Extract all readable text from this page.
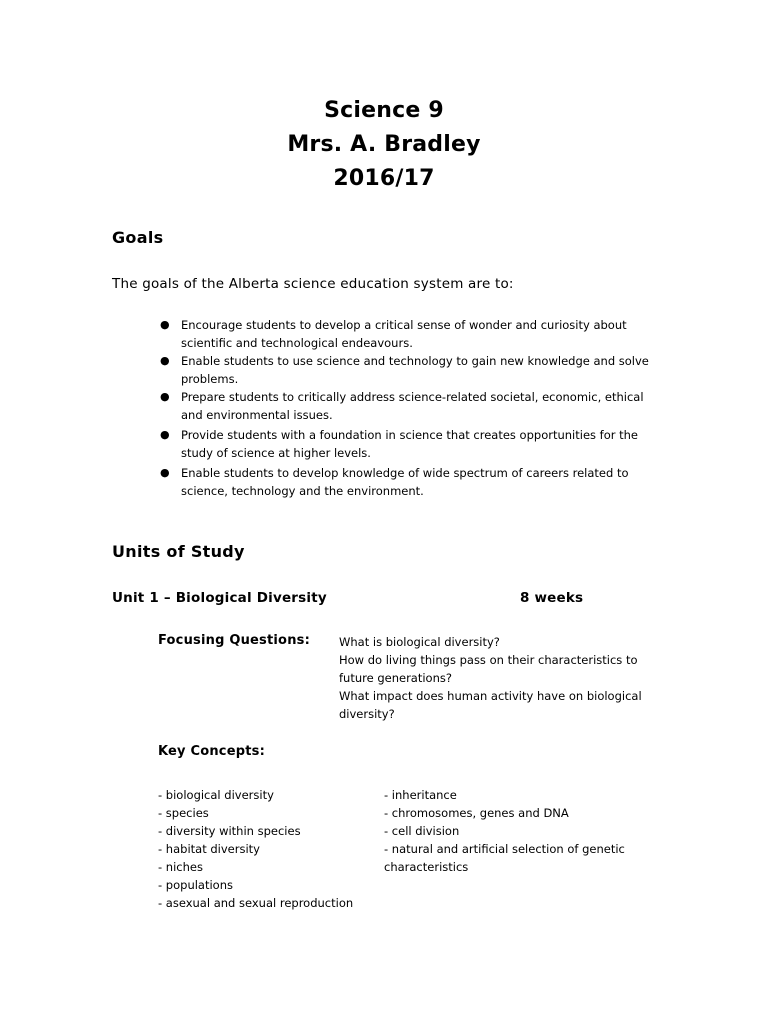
Science 9
Mrs. A. Bradley
2016/17
Goals
The goals of the Alberta science education system are to:
● Encourage students to develop a critical sense of wonder and curiosity about scientific and technological endeavours.
● Enable students to use science and technology to gain new knowledge and solve problems.
● Prepare students to critically address science-related societal, economic, ethical and environmental issues.
● Provide students with a foundation in science that creates opportunities for the study of science at higher levels.
● Enable students to develop knowledge of wide spectrum of careers related to science, technology and the environment.
Units of Study
Unit 1 – Biological Diversity	8 weeks
Focusing Questions:	What is biological diversity?
How do living things pass on their characteristics to future generations?
What impact does human activity have on biological diversity?
Key Concepts:
- biological diversity
- species
- diversity within species
- habitat diversity
- niches
- populations
- asexual and sexual reproduction
- inheritance
- chromosomes, genes and DNA
- cell division
- natural and artificial selection of genetic characteristics
